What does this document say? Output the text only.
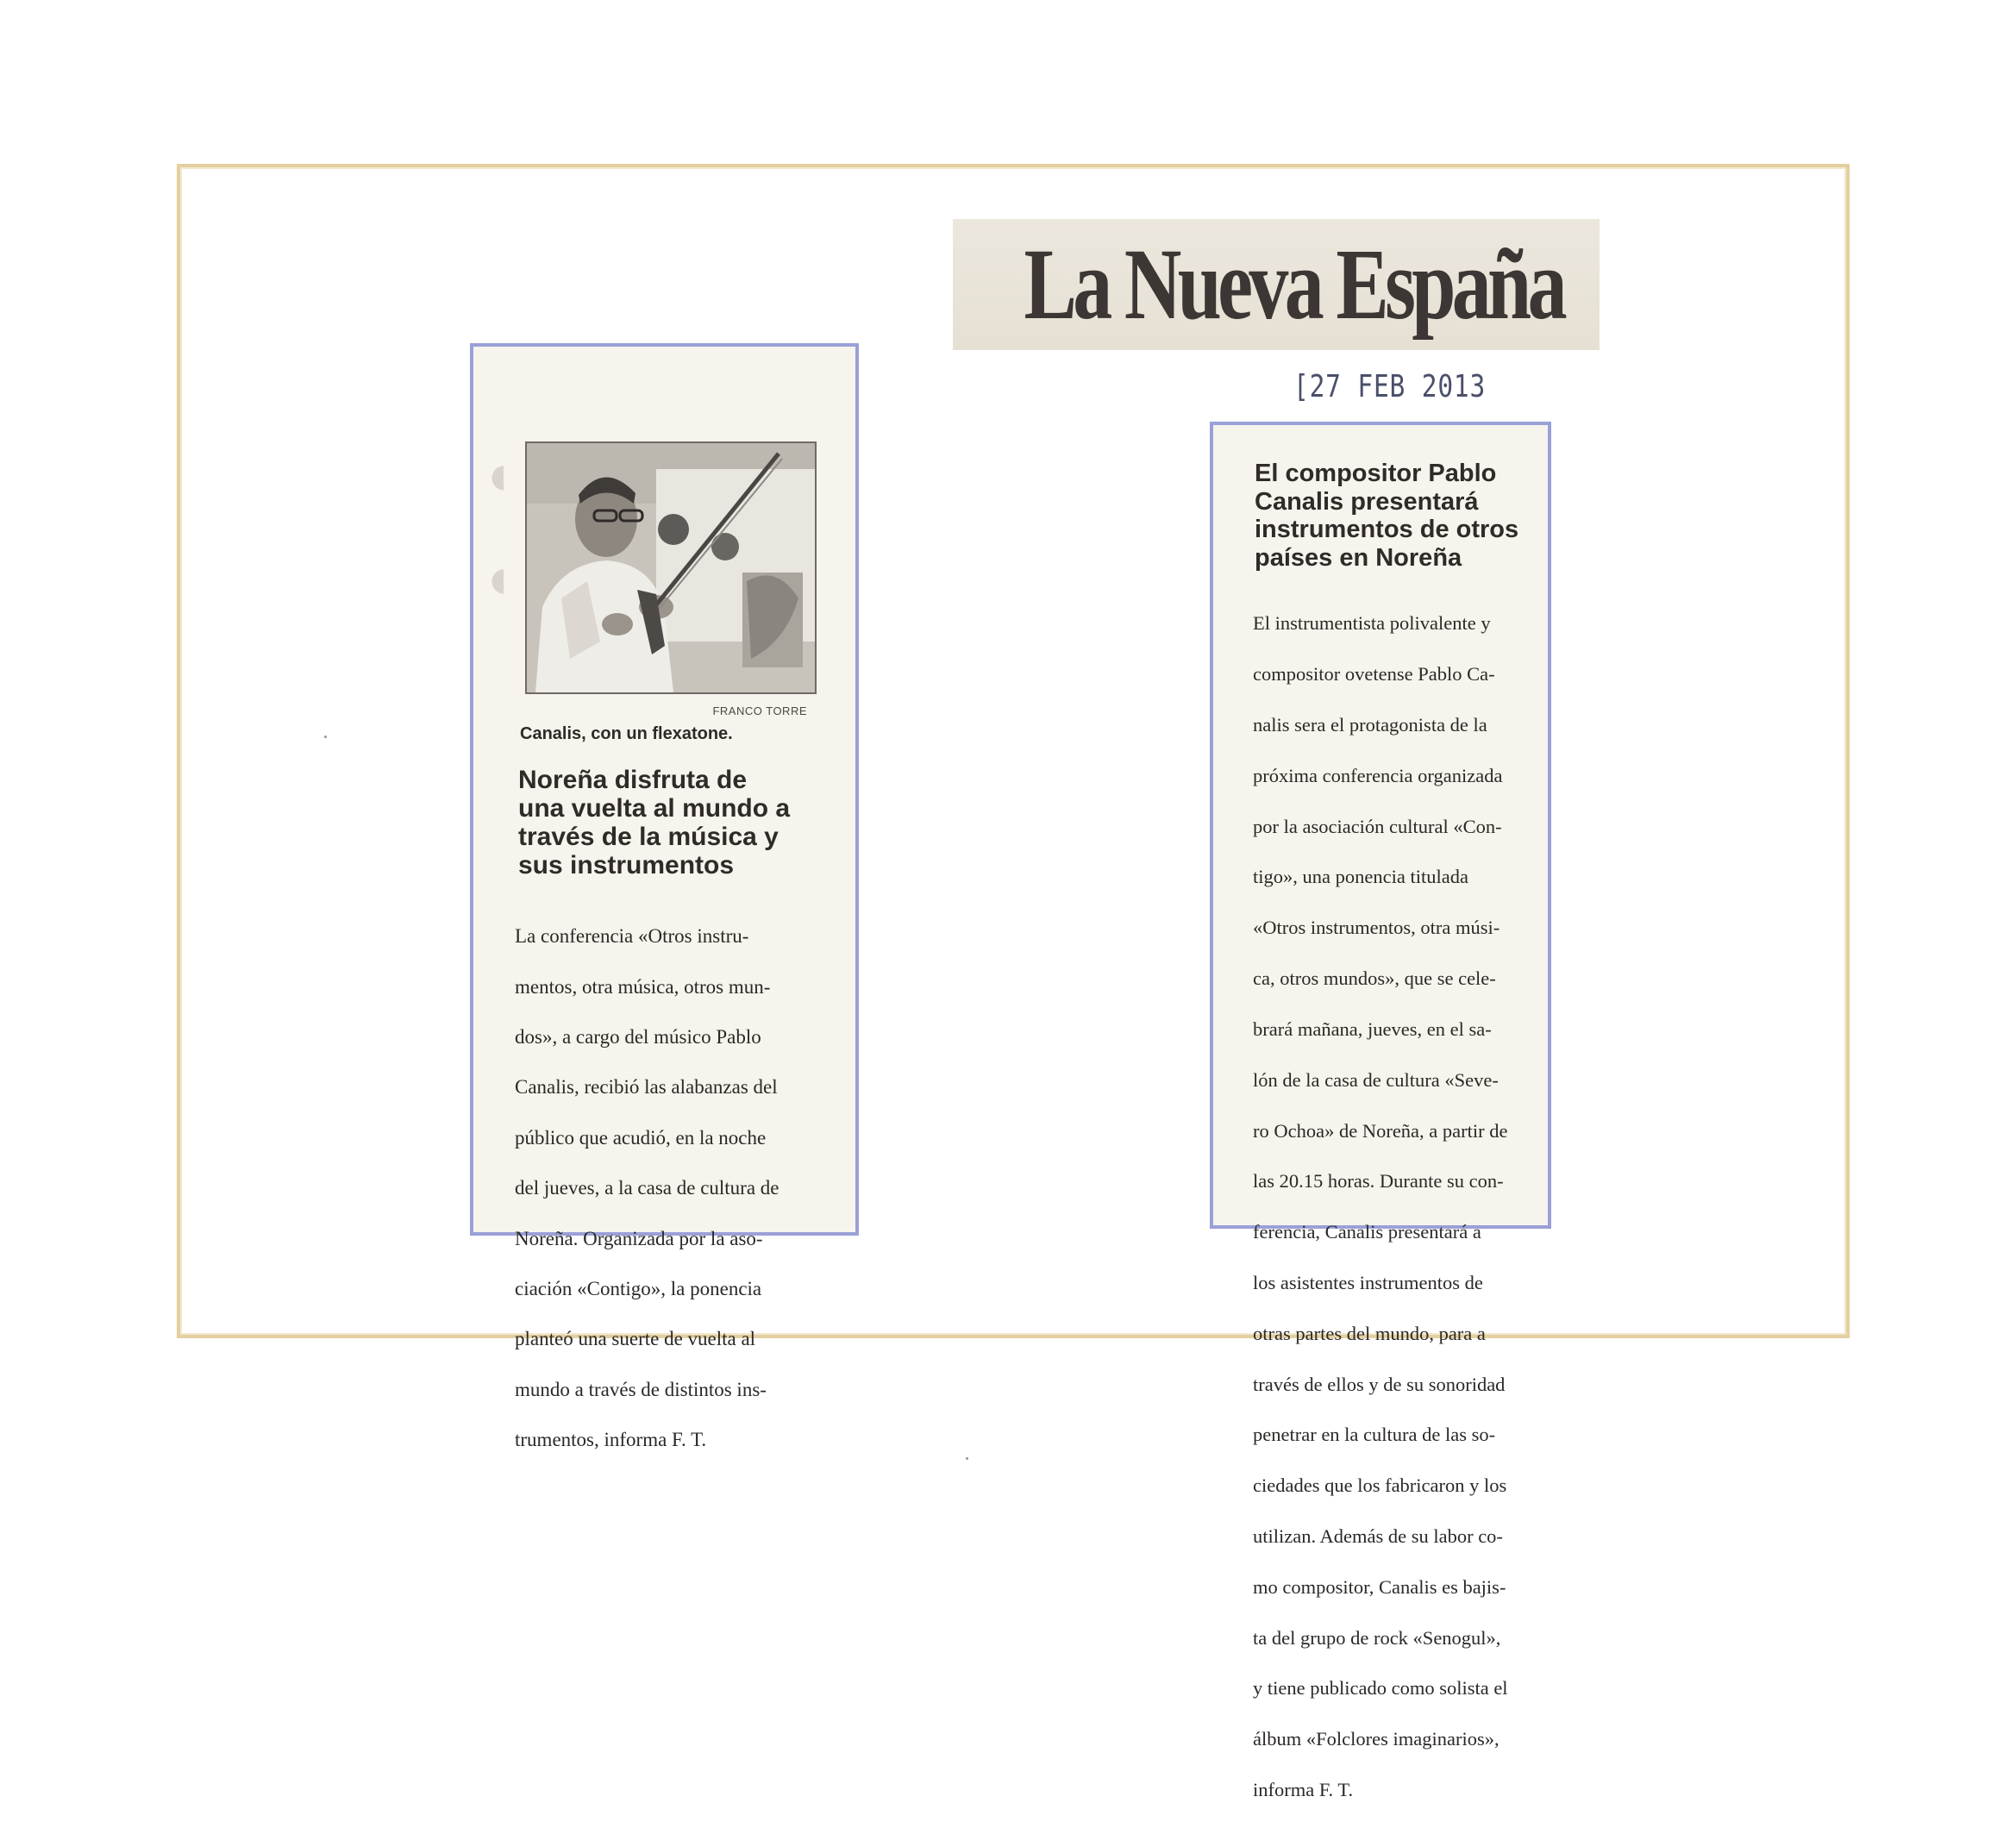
La Nueva España
[27 FEB 2013
◖
◖
FRANCO TORRE
Canalis, con un flexatone.
Noreña disfruta de
una vuelta al mundo a
través de la música y
sus instrumentos

La conferencia «Otros instru-

mentos, otra música, otros mun-

dos», a cargo del músico Pablo

Canalis, recibió las alabanzas del

público que acudió, en la noche

del jueves, a la casa de cultura de

Noreña. Organizada por la aso-

ciación «Contigo», la ponencia

planteó una suerte de vuelta al

mundo a través de distintos ins-

trumentos, informa F. T.

El compositor Pablo
Canalis presentará
instrumentos de otros
países en Noreña

El instrumentista polivalente y

compositor ovetense Pablo Ca-

nalis sera el protagonista de la

próxima conferencia organizada

por la asociación cultural «Con-

tigo», una ponencia titulada

«Otros instrumentos, otra músi-

ca, otros mundos», que se cele-

brará mañana, jueves, en el sa-

lón de la casa de cultura «Seve-

ro Ochoa» de Noreña, a partir de

las 20.15 horas. Durante su con-

ferencia, Canalis presentará a

los asistentes instrumentos de

otras partes del mundo, para a

través de ellos y de su sonoridad

penetrar en la cultura de las so-

ciedades que los fabricaron y los

utilizan. Además de su labor co-

mo compositor, Canalis es bajis-

ta del grupo de rock «Senogul»,

y tiene publicado como solista el

álbum «Folclores imaginarios»,

informa F. T.
